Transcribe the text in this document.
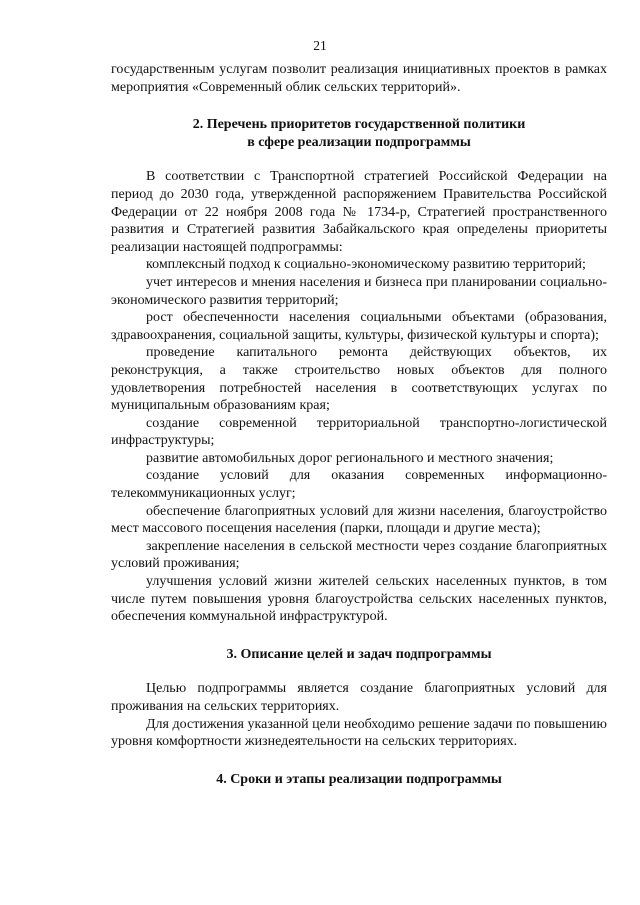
21

государственным услугам позволит реализация инициативных проектов в рамках мероприятия «Современный облик сельских территорий».

2. Перечень приоритетов государственной политики
в сфере реализации подпрограммы

В соответствии с Транспортной стратегией Российской Федерации на период до 2030 года, утвержденной распоряжением Правительства Российской Федерации от 22 ноября 2008 года № 1734-р, Стратегией пространственного развития и Стратегией развития Забайкальского края определены приоритеты реализации настоящей подпрограммы:

комплексный подход к социально-экономическому развитию территорий;

учет интересов и мнения населения и бизнеса при планировании социально-экономического развития территорий;

рост обеспеченности населения социальными объектами (образования, здравоохранения, социальной защиты, культуры, физической культуры и спорта);

проведение капитального ремонта действующих объектов, их реконструкция, а также строительство новых объектов для полного удовлетворения потребностей населения в соответствующих услугах по муниципальным образованиям края;

создание современной территориальной транспортно-логистической инфраструктуры;

развитие автомобильных дорог регионального и местного значения;

создание условий для оказания современных информационно-телекоммуникационных услуг;

обеспечение благоприятных условий для жизни населения, благоустройство мест массового посещения населения (парки, площади и другие места);

закрепление населения в сельской местности через создание благоприятных условий проживания;

улучшения условий жизни жителей сельских населенных пунктов, в том числе путем повышения уровня благоустройства сельских населенных пунктов, обеспечения коммунальной инфраструктурой.

3. Описание целей и задач подпрограммы

Целью подпрограммы является создание благоприятных условий для проживания на сельских территориях.

Для достижения указанной цели необходимо решение задачи по повышению уровня комфортности жизнедеятельности на сельских территориях.

4. Сроки и этапы реализации подпрограммы
